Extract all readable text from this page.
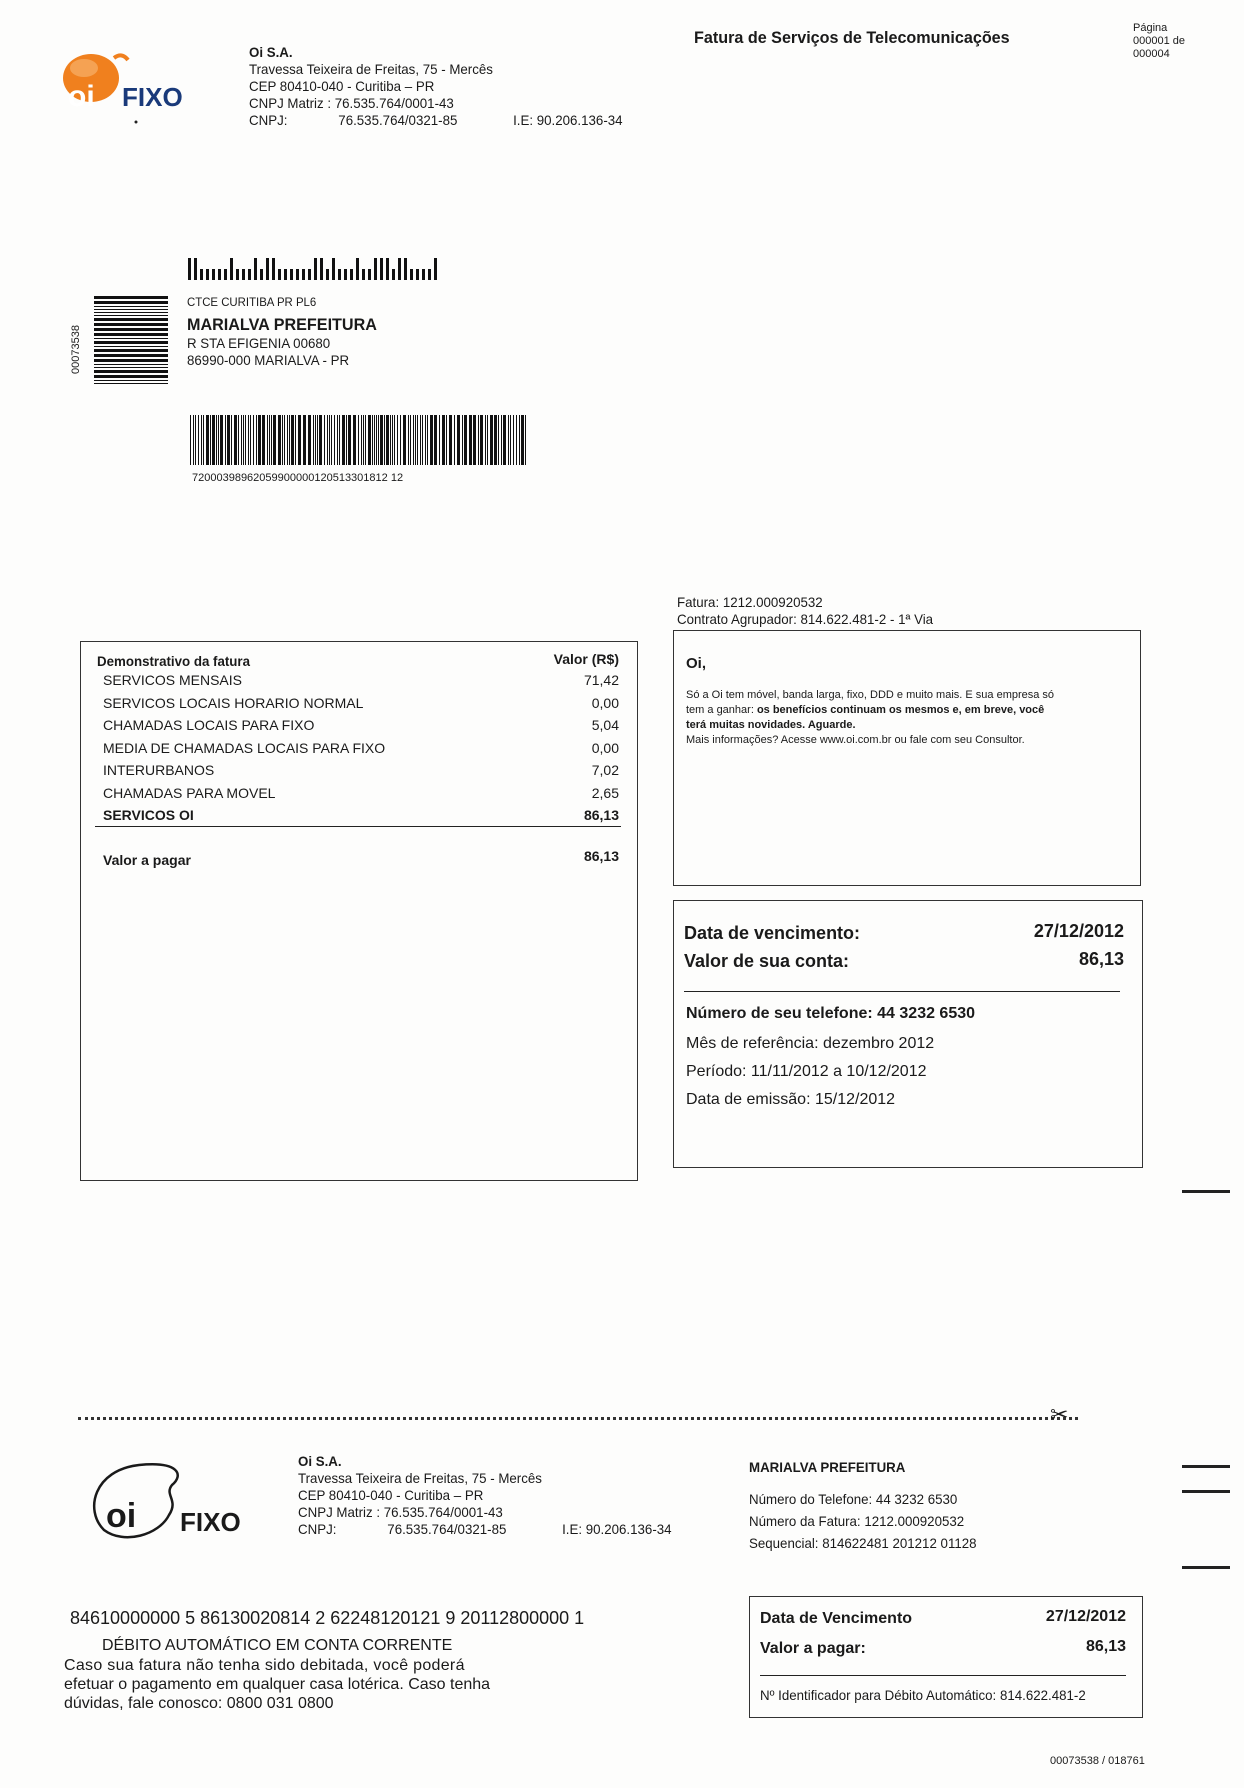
oi FIXO
Oi S.A.
Travessa Teixeira de Freitas, 75 - Mercês
CEP 80410-040 - Curitiba – PR
CNPJ Matriz : 76.535.764/0001-43
CNPJ:	76.535.764/0321-85	I.E: 90.206.136-34
Fatura de Serviços de Telecomunicações	Página
000001 de
000004
00073538
CTCE CURITIBA PR PL6
MARIALVA PREFEITURA
R STA EFIGENIA 00680
86990-000 MARIALVA - PR
72000398962059900000120513301812 12
Fatura: 1212.000920532
Contrato Agrupador: 814.622.481-2 - 1ª Via
Demonstrativo da fatura	Valor (R$)
SERVICOS MENSAIS	71,42
SERVICOS LOCAIS HORARIO NORMAL	0,00
CHAMADAS LOCAIS PARA FIXO	5,04
MEDIA DE CHAMADAS LOCAIS PARA FIXO	0,00
INTERURBANOS	7,02
CHAMADAS PARA MOVEL	2,65
SERVICOS OI	86,13
Valor a pagar	86,13
Oi,
Só a Oi tem móvel, banda larga, fixo, DDD e muito mais. E sua empresa só
tem a ganhar: os benefícios continuam os mesmos e, em breve, você
terá muitas novidades. Aguarde.
Mais informações? Acesse www.oi.com.br ou fale com seu Consultor.
Data de vencimento:	27/12/2012
Valor de sua conta:	86,13
Número de seu telefone: 44 3232 6530
Mês de referência: dezembro 2012
Período: 11/11/2012 a 10/12/2012
Data de emissão: 15/12/2012
✂
oi FIXO
Oi S.A.
Travessa Teixeira de Freitas, 75 - Mercês
CEP 80410-040 - Curitiba – PR
CNPJ Matriz : 76.535.764/0001-43
CNPJ:	76.535.764/0321-85	I.E: 90.206.136-34
MARIALVA PREFEITURA
Número do Telefone: 44 3232 6530
Número da Fatura: 1212.000920532
Sequencial: 814622481 201212 01128
84610000000 5 86130020814 2 62248120121 9 20112800000 1
DÉBITO AUTOMÁTICO EM CONTA CORRENTE
Caso sua fatura não tenha sido debitada, você poderá
efetuar o pagamento em qualquer casa lotérica. Caso tenha
dúvidas, fale conosco: 0800 031 0800
Data de Vencimento	27/12/2012
Valor a pagar:	86,13
Nº Identificador para Débito Automático: 814.622.481-2
00073538 / 018761
